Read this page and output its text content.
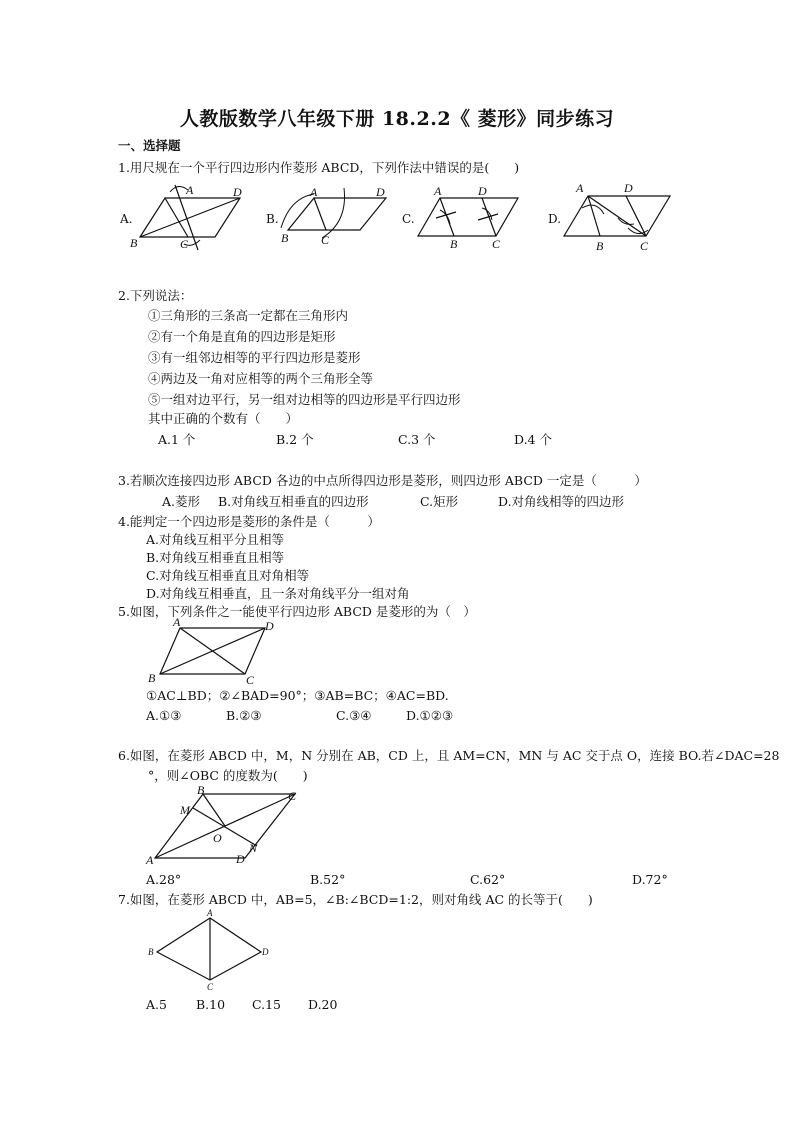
人教版数学八年级下册 18.2.2《 菱形》同步练习
一、选择题
1.用尺规在一个平行四边形内作菱形 ABCD，下列作法中错误的是(　　)
A.
A
B	C
D
B.
A
B	C
D
C.
A
B	C
D
D.
A
B	C
D
2.下列说法：
①三角形的三条高一定都在三角形内
②有一个角是直角的四边形是矩形
③有一组邻边相等的平行四边形是菱形
④两边及一角对应相等的两个三角形全等
⑤一组对边平行，另一组对边相等的四边形是平行四边形
其中正确的个数有（　　）
A.1 个	B.2 个	C.3 个	D.4 个
3.若顺次连接四边形 ABCD 各边的中点所得四边形是菱形，则四边形 ABCD 一定是（　　　）
A.菱形 B.对角线互相垂直的四边形	C.矩形	D.对角线相等的四边形
4.能判定一个四边形是菱形的条件是（　　　）
A.对角线互相平分且相等
B.对角线互相垂直且相等
C.对角线互相垂直且对角相等
D.对角线互相垂直，且一条对角线平分一组对角
5.如图，下列条件之一能使平行四边形 ABCD 是菱形的为（　）
A
B	C
D
①AC⊥BD；②∠BAD=90°；③AB=BC；④AC=BD.
A.①③	B.②③	C.③④	D.①②③
6.如图，在菱形 ABCD 中，M，N 分别在 AB，CD 上，且 AM=CN，MN 与 AC 交于点 O，连接 BO.若∠DAC=28
°，则∠OBC 的度数为(　　)
B	C
M
O
N
A	D
A.28°	B.52°	C.62°	D.72°
7.如图，在菱形 ABCD 中，AB=5，∠B:∠BCD=1:2，则对角线 AC 的长等于(　　)
A
B
C
D
A.5 B.10 C.15 D.20
